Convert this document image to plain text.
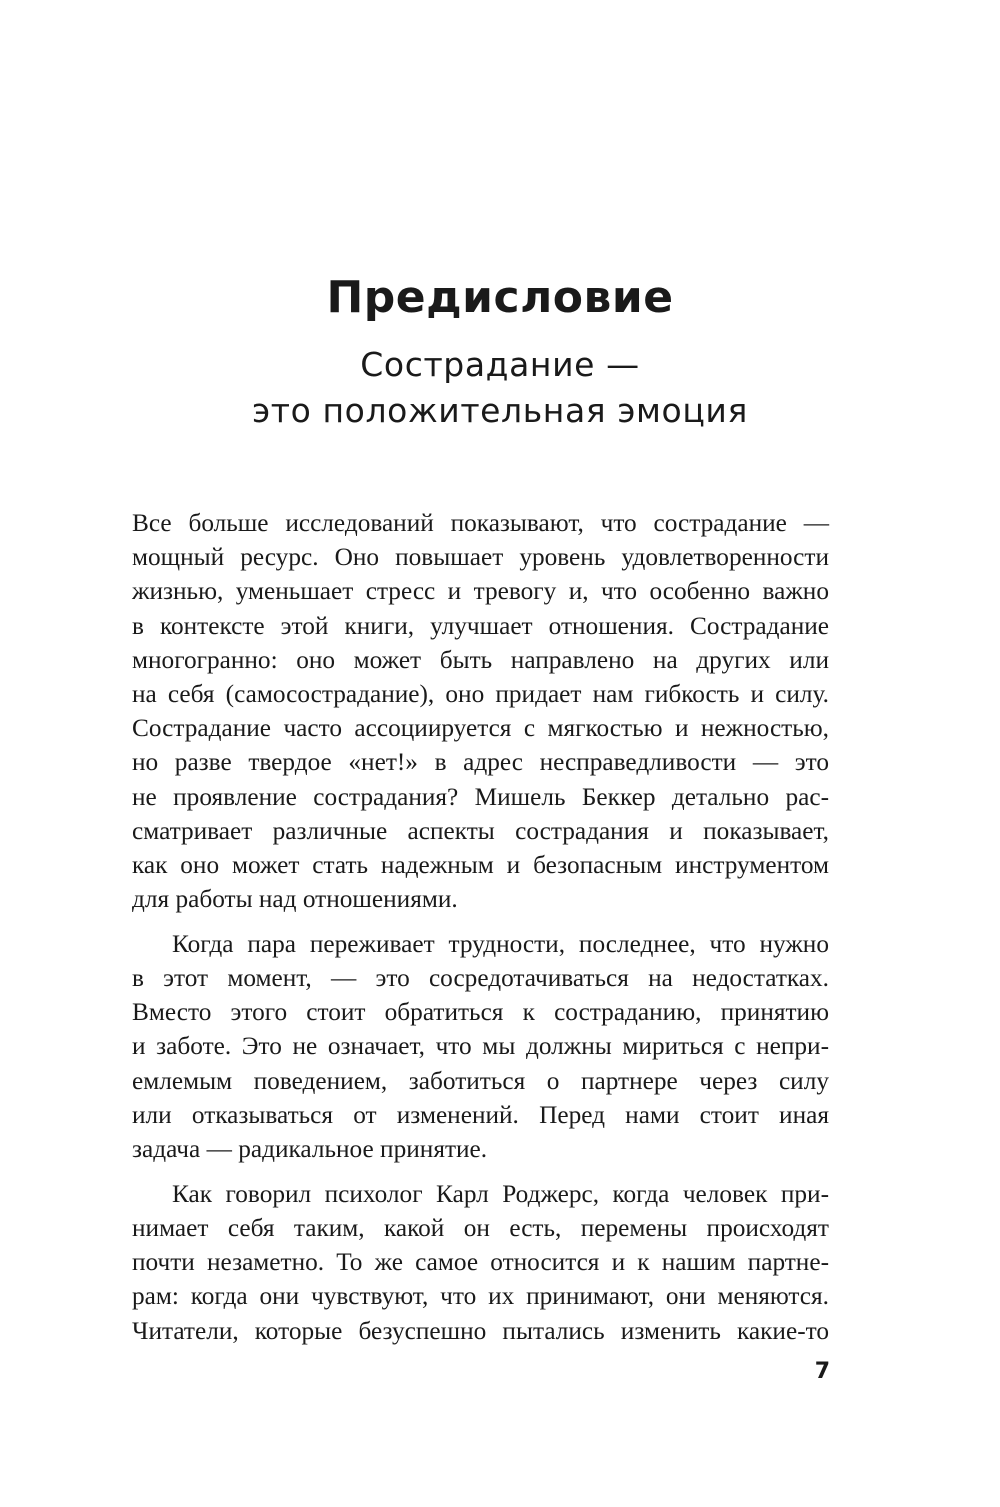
Предисловие
Сострадание —
это положительная эмоция
Все больше исследований показывают, что сострадание —
мощный ресурс. Оно повышает уровень удовлетворенности
жизнью, уменьшает стресс и тревогу и, что особенно важно
в контексте этой книги, улучшает отношения. Сострадание
многогранно: оно может быть направлено на других или
на себя (самосострадание), оно придает нам гибкость и силу.
Сострадание часто ассоциируется с мягкостью и нежностью,
но разве твердое «нет!» в адрес несправедливости — это
не проявление сострадания? Мишель Беккер детально рас-
сматривает различные аспекты сострадания и показывает,
как оно может стать надежным и безопасным инструментом
для работы над отношениями.
Когда пара переживает трудности, последнее, что нужно
в этот момент, — это сосредотачиваться на недостатках.
Вместо этого стоит обратиться к состраданию, принятию
и заботе. Это не означает, что мы должны мириться с непри-
емлемым поведением, заботиться о партнере через силу
или отказываться от изменений. Перед нами стоит иная
задача — радикальное принятие.
Как говорил психолог Карл Роджерс, когда человек при-
нимает себя таким, какой он есть, перемены происходят
почти незаметно. То же самое относится и к нашим партне-
рам: когда они чувствуют, что их принимают, они меняются.
Читатели, которые безуспешно пытались изменить какие-то
7
